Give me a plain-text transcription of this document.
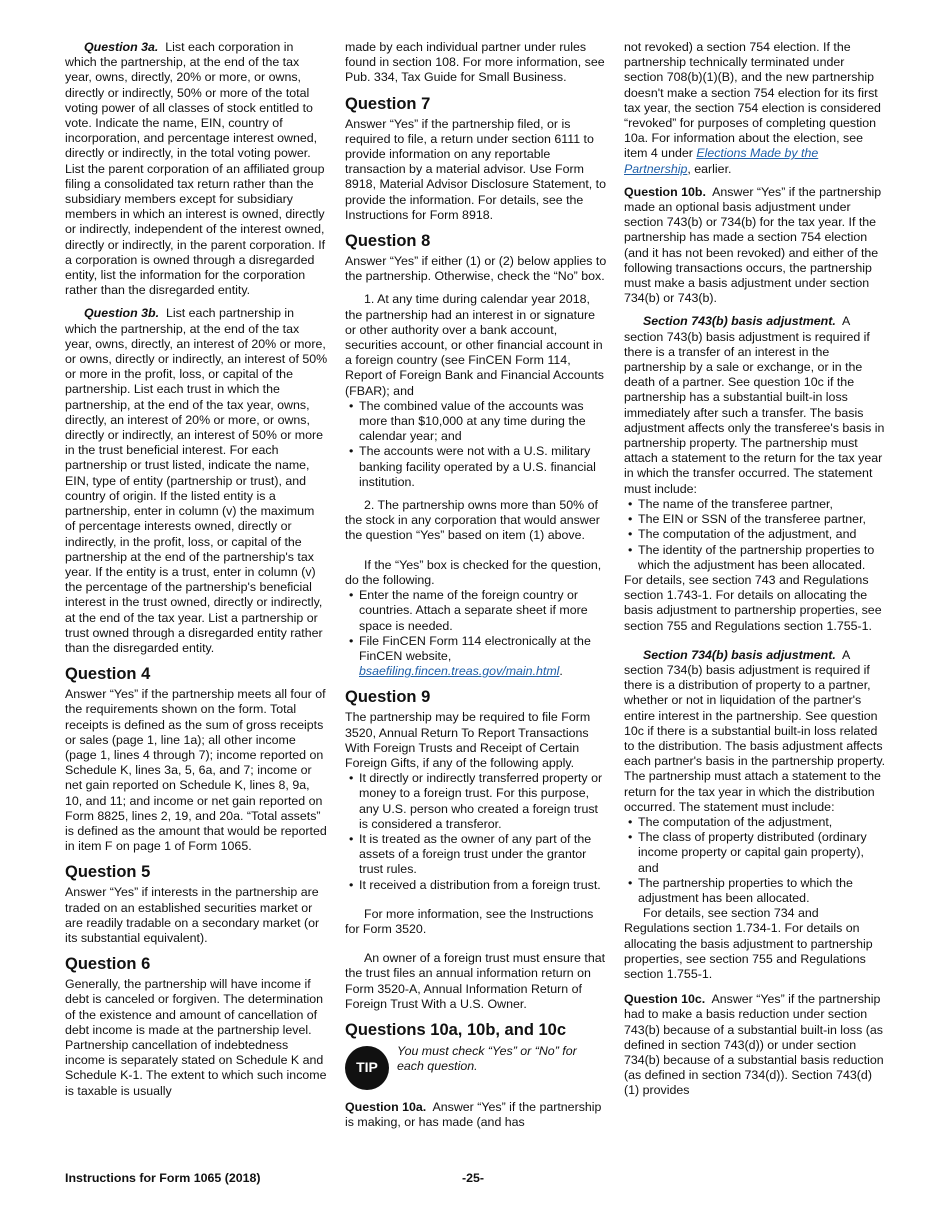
Question 3a. List each corporation in which the partnership, at the end of the tax year, owns, directly, 20% or more, or owns, directly or indirectly, 50% or more of the total voting power of all classes of stock entitled to vote. Indicate the name, EIN, country of incorporation, and percentage interest owned, directly or indirectly, in the total voting power. List the parent corporation of an affiliated group filing a consolidated tax return rather than the subsidiary members except for subsidiary members in which an interest is owned, directly or indirectly, independent of the interest owned, directly or indirectly, in the parent corporation. If a corporation is owned through a disregarded entity, list the information for the corporation rather than the disregarded entity.

Question 3b. List each partnership in which the partnership, at the end of the tax year, owns, directly, an interest of 20% or more, or owns, directly or indirectly, an interest of 50% or more in the profit, loss, or capital of the partnership. List each trust in which the partnership, at the end of the tax year, owns, directly, an interest of 20% or more, or owns, directly or indirectly, an interest of 50% or more in the trust beneficial interest. For each partnership or trust listed, indicate the name, EIN, type of entity (partnership or trust), and country of origin. If the listed entity is a partnership, enter in column (v) the maximum of percentage interests owned, directly or indirectly, in the profit, loss, or capital of the partnership at the end of the partnership's tax year. If the entity is a trust, enter in column (v) the percentage of the partnership's beneficial interest in the trust owned, directly or indirectly, at the end of the tax year. List a partnership or trust owned through a disregarded entity rather than the disregarded entity.

Question 4

Answer “Yes” if the partnership meets all four of the requirements shown on the form. Total receipts is defined as the sum of gross receipts or sales (page 1, line 1a); all other income (page 1, lines 4 through 7); income reported on Schedule K, lines 3a, 5, 6a, and 7; income or net gain reported on Schedule K, lines 8, 9a, 10, and 11; and income or net gain reported on Form 8825, lines 2, 19, and 20a. “Total assets” is defined as the amount that would be reported in item F on page 1 of Form 1065.

Question 5

Answer “Yes” if interests in the partnership are traded on an established securities market or are readily tradable on a secondary market (or its substantial equivalent).

Question 6

Generally, the partnership will have income if debt is canceled or forgiven. The determination of the existence and amount of cancellation of debt income is made at the partnership level. Partnership cancellation of indebtedness income is separately stated on Schedule K and Schedule K-1. The extent to which such income is taxable is usually

made by each individual partner under rules found in section 108. For more information, see Pub. 334, Tax Guide for Small Business.

Question 7

Answer “Yes” if the partnership filed, or is required to file, a return under section 6111 to provide information on any reportable transaction by a material advisor. Use Form 8918, Material Advisor Disclosure Statement, to provide the information. For details, see the Instructions for Form 8918.

Question 8

Answer “Yes” if either (1) or (2) below applies to the partnership. Otherwise, check the “No” box.

1. At any time during calendar year 2018, the partnership had an interest in or signature or other authority over a bank account, securities account, or other financial account in a foreign country (see FinCEN Form 114, Report of Foreign Bank and Financial Accounts (FBAR); and

• The combined value of the accounts was more than $10,000 at any time during the calendar year; and

• The accounts were not with a U.S. military banking facility operated by a U.S. financial institution.

2. The partnership owns more than 50% of the stock in any corporation that would answer the question “Yes” based on item (1) above.

If the “Yes” box is checked for the question, do the following.

• Enter the name of the foreign country or countries. Attach a separate sheet if more space is needed.

• File FinCEN Form 114 electronically at the FinCEN website, bsaefiling.fincen.treas.gov/main.html.

Question 9

The partnership may be required to file Form 3520, Annual Return To Report Transactions With Foreign Trusts and Receipt of Certain Foreign Gifts, if any of the following apply.

• It directly or indirectly transferred property or money to a foreign trust. For this purpose, any U.S. person who created a foreign trust is considered a transferor.

• It is treated as the owner of any part of the assets of a foreign trust under the grantor trust rules.

• It received a distribution from a foreign trust.

For more information, see the Instructions for Form 3520.

An owner of a foreign trust must ensure that the trust files an annual information return on Form 3520-A, Annual Information Return of Foreign Trust With a U.S. Owner.

Questions 10a, 10b, and 10c
TIP
You must check “Yes” or “No” for each question.

Question 10a. Answer “Yes” if the partnership is making, or has made (and has

not revoked) a section 754 election. If the partnership technically terminated under section 708(b)(1)(B), and the new partnership doesn't make a section 754 election for its first tax year, the section 754 election is considered “revoked” for purposes of completing question 10a. For information about the election, see item 4 under Elections Made by the Partnership, earlier.

Question 10b. Answer “Yes” if the partnership made an optional basis adjustment under section 743(b) or 734(b) for the tax year. If the partnership has made a section 754 election (and it has not been revoked) and either of the following transactions occurs, the partnership must make a basis adjustment under section 734(b) or 743(b).

Section 743(b) basis adjustment. A section 743(b) basis adjustment is required if there is a transfer of an interest in the partnership by a sale or exchange, or in the death of a partner. See question 10c if the partnership has a substantial built-in loss immediately after such a transfer. The basis adjustment affects only the transferee's basis in partnership property. The partnership must attach a statement to the return for the tax year in which the transfer occurred. The statement must include:

• The name of the transferee partner,

• The EIN or SSN of the transferee partner,

• The computation of the adjustment, and

• The identity of the partnership properties to which the adjustment has been allocated.

For details, see section 743 and Regulations section 1.743-1. For details on allocating the basis adjustment to partnership properties, see section 755 and Regulations section 1.755-1.

Section 734(b) basis adjustment. A section 734(b) basis adjustment is required if there is a distribution of property to a partner, whether or not in liquidation of the partner's entire interest in the partnership. See question 10c if there is a substantial built-in loss related to the distribution. The basis adjustment affects each partner's basis in the partnership property. The partnership must attach a statement to the return for the tax year in which the distribution occurred. The statement must include:

• The computation of the adjustment,

• The class of property distributed (ordinary income property or capital gain property), and

• The partnership properties to which the adjustment has been allocated.

For details, see section 734 and Regulations section 1.734-1. For details on allocating the basis adjustment to partnership properties, see section 755 and Regulations section 1.755-1.

Question 10c. Answer “Yes” if the partnership had to make a basis reduction under section 743(b) because of a substantial built-in loss (as defined in section 743(d)) or under section 734(b) because of a substantial basis reduction (as defined in section 734(d)). Section 743(d)(1) provides

Instructions for Form 1065 (2018)	-25-
